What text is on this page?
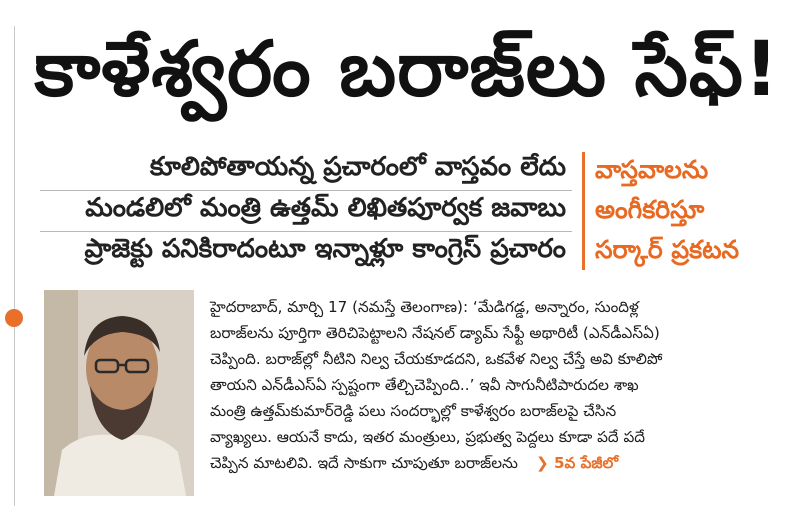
కాళేశ్వరం బరాజ్‌లు సేఫ్‌!
కూలిపోతాయన్న ప్రచారంలో వాస్తవం లేదు
మండలిలో మంత్రి ఉత్తమ్‌ లిఖితపూర్వక జవాబు
ప్రాజెక్టు పనికిరాదంటూ ఇన్నాళ్లూ కాంగ్రెస్‌ ప్రచారం
వాస్తవాలను
అంగీకరిస్తూ
సర్కార్‌ ప్రకటన

హైదరాబాద్‌, మార్చి 17 (నమస్తే తెలంగాణ): ‘మేడిగడ్డ, అన్నారం, సుందిళ్ల

బరాజ్‌లను పూర్తిగా తెరిచిపెట్టాలని నేషనల్‌ డ్యామ్‌ సేఫ్టీ అథారిటీ (ఎన్‌డీఎస్‌ఏ)

చెప్పింది. బరాజ్‌ల్లో నీటిని నిల్వ చేయకూడదని, ఒకవేళ నిల్వ చేస్తే అవి కూలిపో

తాయని ఎన్‌డీఎస్‌ఏ స్పష్టంగా తేల్చిచెప్పింది..’ ఇవీ సాగునీటిపారుదల శాఖ

మంత్రి ఉత్తమ్‌కుమార్‌రెడ్డి పలు సందర్భాల్లో కాళేశ్వరం బరాజ్‌లపై చేసిన

వ్యాఖ్యలు. ఆయనే కాదు, ఇతర మంత్రులు, ప్రభుత్వ పెద్దలు కూడా పదే పదే

చెప్పిన మాటలివి. ఇదే సాకుగా చూపుతూ బరాజ్‌లను ❯ 5వ పేజీలో
